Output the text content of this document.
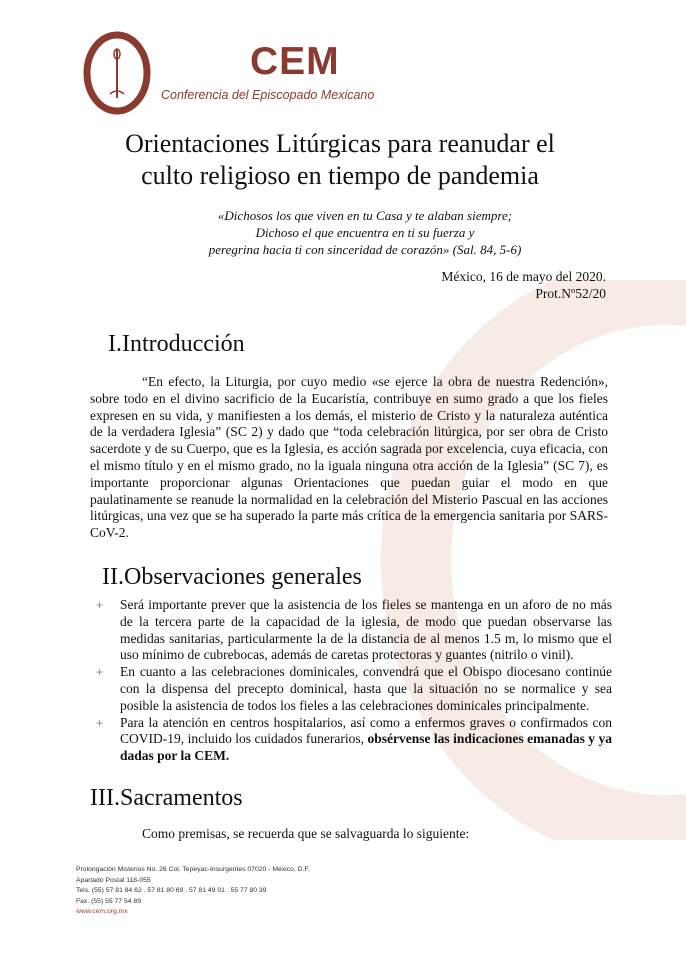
CEM
Conferencia del Episcopado Mexicano
Orientaciones Litúrgicas para reanudar el
culto religioso en tiempo de pandemia
«Dichosos los que viven en tu Casa y te alaban siempre;
Dichoso el que encuentra en ti su fuerza y
peregrina hacia ti con sinceridad de corazón» (Sal. 84, 5-6)
México, 16 de mayo del 2020.
Prot.Nº52/20
I.Introducción

“En efecto, la Liturgia, por cuyo medio «se ejerce la obra de nuestra Redención», sobre todo en el divino sacrificio de la Eucaristía, contribuye en sumo grado a que los fieles expresen en su vida, y manifiesten a los demás, el misterio de Cristo y la naturaleza auténtica de la verdadera Iglesia” (SC 2) y dado que “toda celebración litúrgica, por ser obra de Cristo sacerdote y de su Cuerpo, que es la Iglesia, es acción sagrada por excelencia, cuya eficacia, con el mismo título y en el mismo grado, no la iguala ninguna otra acción de la Iglesia” (SC 7), es importante proporcionar algunas Orientaciones que puedan guiar el modo en que paulatinamente se reanude la normalidad en la celebración del Misterio Pascual en las acciones litúrgicas, una vez que se ha superado la parte más crítica de la emergencia sanitaria por SARS-CoV-2.

II.Observaciones generales
+ Será importante prever que la asistencia de los fieles se mantenga en un aforo de no más de la tercera parte de la capacidad de la iglesia, de modo que puedan observarse las medidas sanitarias, particularmente la de la distancia de al menos 1.5 m, lo mismo que el uso mínimo de cubrebocas, además de caretas protectoras y guantes (nitrilo o vinil).
+ En cuanto a las celebraciones dominicales, convendrá que el Obispo diocesano continúe con la dispensa del precepto dominical, hasta que la situación no se normalice y sea posible la asistencia de todos los fieles a las celebraciones dominicales principalmente.
+ Para la atención en centros hospitalarios, así como a enfermos graves o confirmados con COVID-19, incluido los cuidados funerarios, obsérvense las indicaciones emanadas y ya dadas por la CEM.
III.Sacramentos

Como premisas, se recuerda que se salvaguarda lo siguiente:

Prolongación Misterios No. 26 Col. Tepeyac-Insurgentes 07020 - México, D.F.
Apartado Postal 118-055
Tels. (55) 57 81 84 62 . 57 81 80 69 . 57 81 49 01 . 55 77 80 39
Fax. (55) 55 77 54 89
www.cem.org.mx
